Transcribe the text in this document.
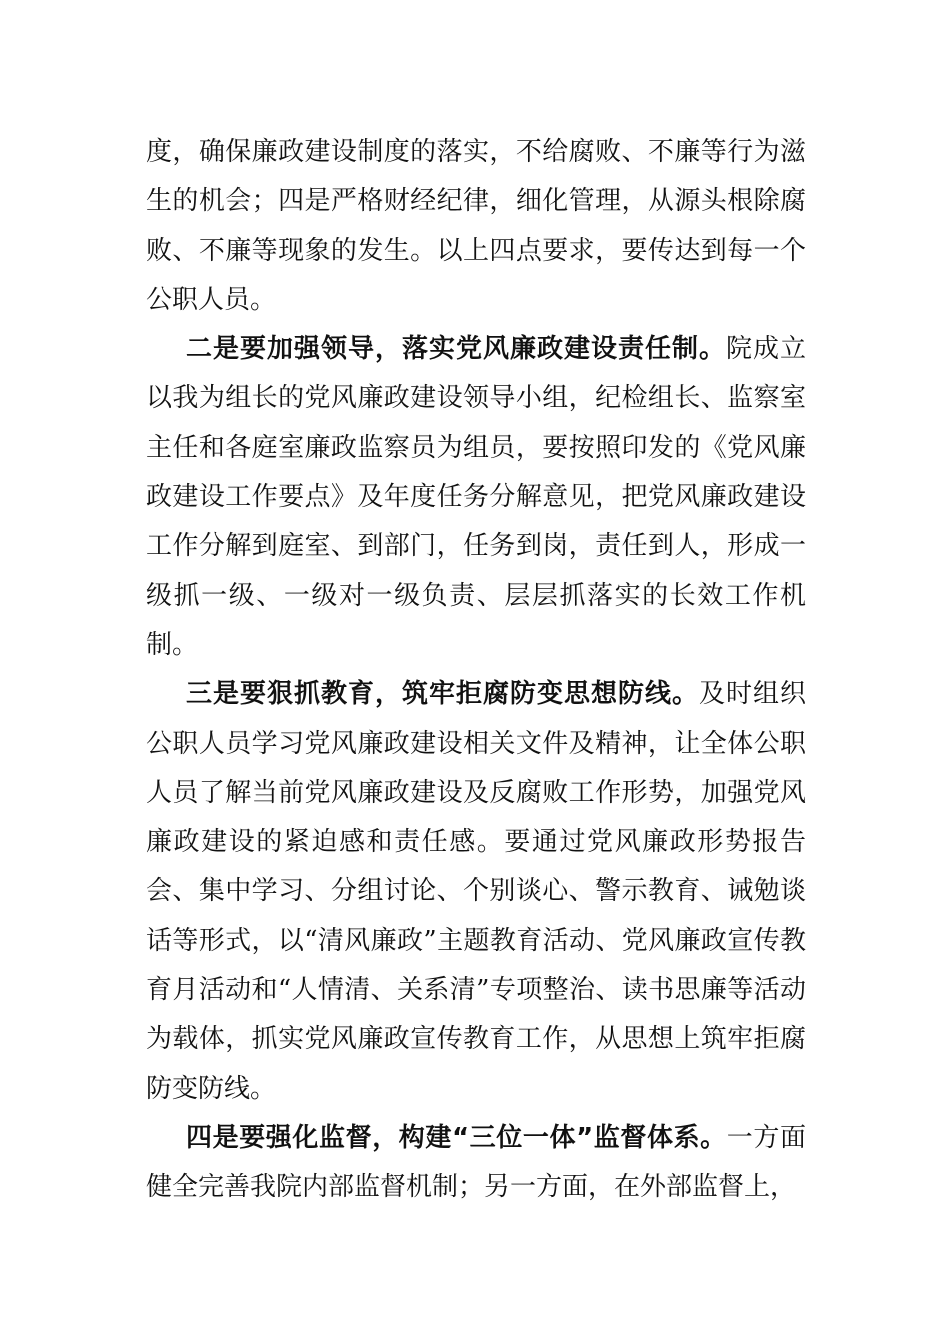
度，确保廉政建设制度的落实，不给腐败、不廉等行为滋生的机会；四是严格财经纪律，细化管理，从源头根除腐败、不廉等现象的发生。以上四点要求，要传达到每一个公职人员。

二是要加强领导，落实党风廉政建设责任制。院成立以我为组长的党风廉政建设领导小组，纪检组长、监察室主任和各庭室廉政监察员为组员，要按照印发的《党风廉政建设工作要点》及年度任务分解意见，把党风廉政建设工作分解到庭室、到部门，任务到岗，责任到人，形成一级抓一级、一级对一级负责、层层抓落实的长效工作机制。

三是要狠抓教育，筑牢拒腐防变思想防线。及时组织公职人员学习党风廉政建设相关文件及精神，让全体公职人员了解当前党风廉政建设及反腐败工作形势，加强党风廉政建设的紧迫感和责任感。要通过党风廉政形势报告会、集中学习、分组讨论、个别谈心、警示教育、诫勉谈话等形式，以“清风廉政”主题教育活动、党风廉政宣传教育月活动和“人情清、关系清”专项整治、读书思廉等活动为载体，抓实党风廉政宣传教育工作，从思想上筑牢拒腐防变防线。

四是要强化监督，构建“三位一体”监督体系。一方面健全完善我院内部监督机制；另一方面，在外部监督上，
